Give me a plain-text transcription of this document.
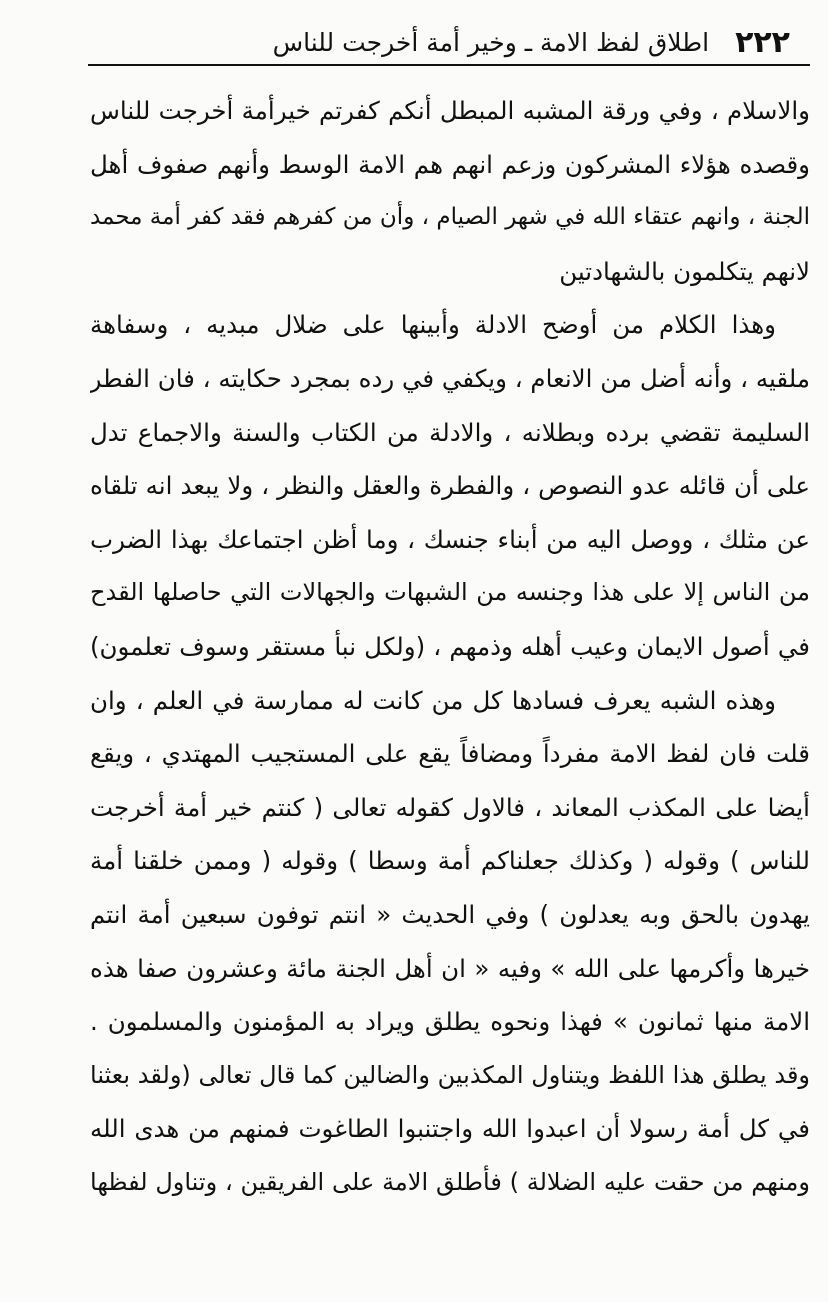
٢٢٢
اطلاق لفظ الامة ـ وخير أمة أخرجت للناس
والاسلام ، وفي ورقة المشبه المبطل أنكم كفرتم خيرأمة أخرجت للناس
وقصده هؤلاء المشركون وزعم انهم هم الامة الوسط وأنهم صفوف أهل
الجنة ، وانهم عتقاء الله في شهر الصيام ، وأن من كفرهم فقد كفر أمة محمد
لانهم يتكلمون بالشهادتين
وهذا الكلام من أوضح الادلة وأبينها على ضلال مبديه ، وسفاهة
ملقيه ، وأنه أضل من الانعام ، ويكفي في رده بمجرد حكايته ، فان الفطر
السليمة تقضي برده وبطلانه ، والادلة من الكتاب والسنة والاجماع تدل
على أن قائله عدو النصوص ، والفطرة والعقل والنظر ، ولا يبعد انه تلقاه
عن مثلك ، ووصل اليه من أبناء جنسك ، وما أظن اجتماعك بهذا الضرب
من الناس إلا على هذا وجنسه من الشبهات والجهالات التي حاصلها القدح
في أصول الايمان وعيب أهله وذمهم ، (ولكل نبأ مستقر وسوف تعلمون)
وهذه الشبه يعرف فسادها كل من كانت له ممارسة في العلم ، وان
قلت فان لفظ الامة مفرداً ومضافاً يقع على المستجيب المهتدي ، ويقع
أيضا على المكذب المعاند ، فالاول كقوله تعالى ( كنتم خير أمة أخرجت
للناس ) وقوله ( وكذلك جعلناكم أمة وسطا ) وقوله ( وممن خلقنا أمة
يهدون بالحق وبه يعدلون ) وفي الحديث « انتم توفون سبعين أمة انتم
خيرها وأكرمها على الله » وفيه « ان أهل الجنة مائة وعشرون صفا هذه
الامة منها ثمانون » فهذا ونحوه يطلق ويراد به المؤمنون والمسلمون .
وقد يطلق هذا اللفظ ويتناول المكذبين والضالين كما قال تعالى (ولقد بعثنا
في كل أمة رسولا أن اعبدوا الله واجتنبوا الطاغوت فمنهم من هدى الله
ومنهم من حقت عليه الضلالة ) فأطلق الامة على الفريقين ، وتناول لفظها
